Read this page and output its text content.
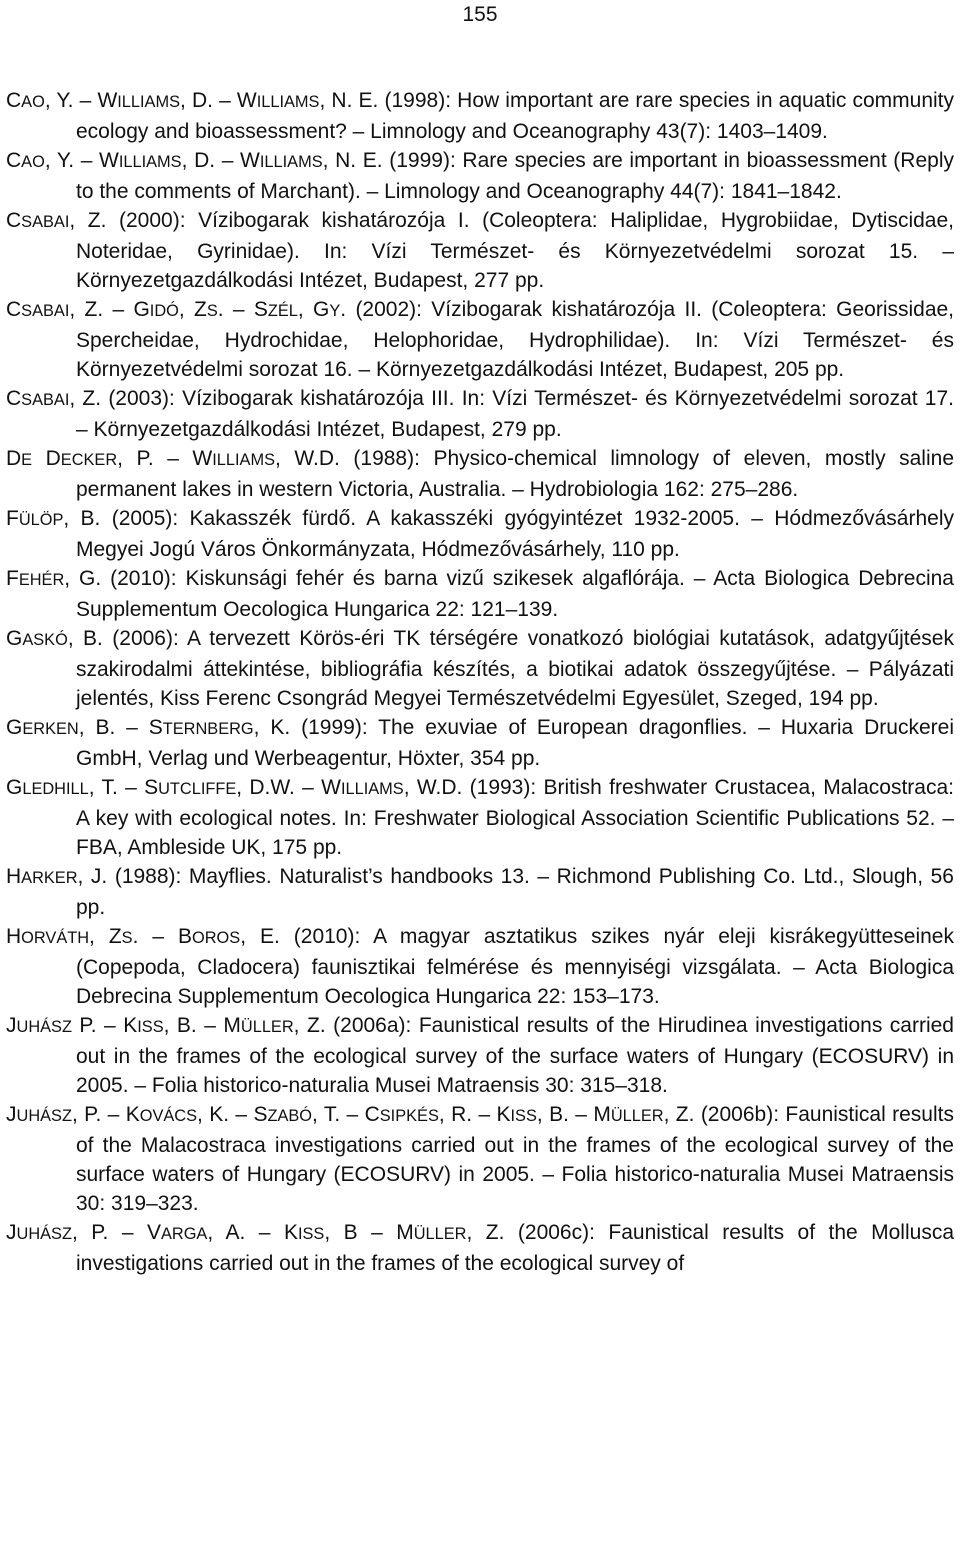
155
CAO, Y. – WILLIAMS, D. – WILLIAMS, N. E. (1998): How important are rare species in aquatic community ecology and bioassessment? – Limnology and Oceanography 43(7): 1403–1409.
CAO, Y. – WILLIAMS, D. – WILLIAMS, N. E. (1999): Rare species are important in bioassessment (Reply to the comments of Marchant). – Limnology and Oceanography 44(7): 1841–1842.
CSABAI, Z. (2000): Vízibogarak kishatározója I. (Coleoptera: Haliplidae, Hygrobiidae, Dytiscidae, Noteridae, Gyrinidae). In: Vízi Természet- és Környezetvédelmi sorozat 15. – Környezetgazdálkodási Intézet, Budapest, 277 pp.
CSABAI, Z. – GIDÓ, ZS. – SZÉL, GY. (2002): Vízibogarak kishatározója II. (Coleoptera: Georissidae, Spercheidae, Hydrochidae, Helophoridae, Hydrophilidae). In: Vízi Természet- és Környezetvédelmi sorozat 16. – Környezetgazdálkodási Intézet, Budapest, 205 pp.
CSABAI, Z. (2003): Vízibogarak kishatározója III. In: Vízi Természet- és Környezetvédelmi sorozat 17. – Környezetgazdálkodási Intézet, Budapest, 279 pp.
DE DECKER, P. – WILLIAMS, W.D. (1988): Physico-chemical limnology of eleven, mostly saline permanent lakes in western Victoria, Australia. – Hydrobiologia 162: 275–286.
FÜLÖP, B. (2005): Kakasszék fürdő. A kakasszéki gyógyintézet 1932-2005. – Hódmezővásárhely Megyei Jogú Város Önkormányzata, Hódmezővásárhely, 110 pp.
FEHÉR, G. (2010): Kiskunsági fehér és barna vizű szikesek algaflórája. – Acta Biologica Debrecina Supplementum Oecologica Hungarica 22: 121–139.
GASKÓ, B. (2006): A tervezett Körös-éri TK térségére vonatkozó biológiai kutatások, adatgyűjtések szakirodalmi áttekintése, bibliográfia készítés, a biotikai adatok összegyűjtése. – Pályázati jelentés, Kiss Ferenc Csongrád Megyei Természetvédelmi Egyesület, Szeged, 194 pp.
GERKEN, B. – STERNBERG, K. (1999): The exuviae of European dragonflies. – Huxaria Druckerei GmbH, Verlag und Werbeagentur, Höxter, 354 pp.
GLEDHILL, T. – SUTCLIFFE, D.W. – WILLIAMS, W.D. (1993): British freshwater Crustacea, Malacostraca: A key with ecological notes. In: Freshwater Biological Association Scientific Publications 52. – FBA, Ambleside UK, 175 pp.
HARKER, J. (1988): Mayflies. Naturalist’s handbooks 13. – Richmond Publishing Co. Ltd., Slough, 56 pp.
HORVÁTH, ZS. – BOROS, E. (2010): A magyar asztatikus szikes nyár eleji kisrákegyütteseinek (Copepoda, Cladocera) faunisztikai felmérése és mennyiségi vizsgálata. – Acta Biologica Debrecina Supplementum Oecologica Hungarica 22: 153–173.
JUHÁSZ P. – KISS, B. – MÜLLER, Z. (2006a): Faunistical results of the Hirudinea investigations carried out in the frames of the ecological survey of the surface waters of Hungary (ECOSURV) in 2005. – Folia historico-naturalia Musei Matraensis 30: 315–318.
JUHÁSZ, P. – KOVÁCS, K. – SZABÓ, T. – CSIPKÉS, R. – KISS, B. – MÜLLER, Z. (2006b): Faunistical results of the Malacostraca investigations carried out in the frames of the ecological survey of the surface waters of Hungary (ECOSURV) in 2005. – Folia historico-naturalia Musei Matraensis 30: 319–323.
JUHÁSZ, P. – VARGA, A. – KISS, B – MÜLLER, Z. (2006c): Faunistical results of the Mollusca investigations carried out in the frames of the ecological survey of
